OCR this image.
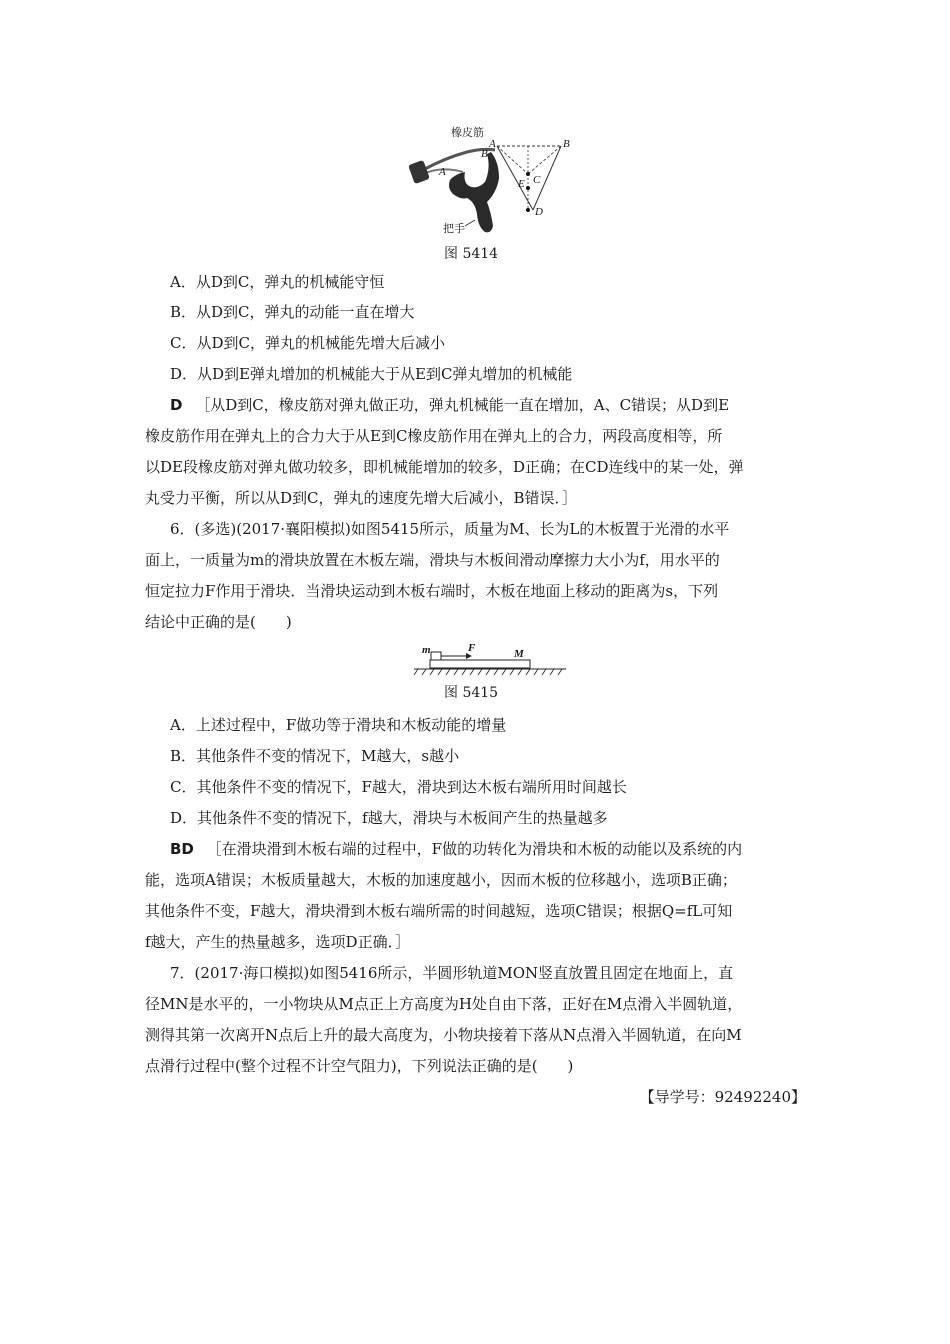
橡皮筋
把手
A
B
A	B
E C
D
图 5414
A．从D到C，弹丸的机械能守恒
B．从D到C，弹丸的动能一直在增大
C．从D到C，弹丸的机械能先增大后减小
D．从D到E弹丸增加的机械能大于从E到C弹丸增加的机械能
D ［从D到C，橡皮筋对弹丸做正功，弹丸机械能一直在增加，A、C错误；从D到E
橡皮筋作用在弹丸上的合力大于从E到C橡皮筋作用在弹丸上的合力，两段高度相等，所
以DE段橡皮筋对弹丸做功较多，即机械能增加的较多，D正确；在CD连线中的某一处，弹
丸受力平衡，所以从D到C，弹丸的速度先增大后减小，B错误．］
6．(多选)(2017·襄阳模拟)如图5415所示，质量为M、长为L的木板置于光滑的水平
面上，一质量为m的滑块放置在木板左端，滑块与木板间滑动摩擦力大小为f，用水平的
恒定拉力F作用于滑块．当滑块运动到木板右端时，木板在地面上移动的距离为s，下列
结论中正确的是(　　)
m	F	M
图 5415
A．上述过程中，F做功等于滑块和木板动能的增量
B．其他条件不变的情况下，M越大，s越小
C．其他条件不变的情况下，F越大，滑块到达木板右端所用时间越长
D．其他条件不变的情况下，f越大，滑块与木板间产生的热量越多
BD ［在滑块滑到木板右端的过程中，F做的功转化为滑块和木板的动能以及系统的内
能，选项A错误；木板质量越大，木板的加速度越小，因而木板的位移越小，选项B正确；
其他条件不变，F越大，滑块滑到木板右端所需的时间越短，选项C错误；根据Q=fL可知
f越大，产生的热量越多，选项D正确．］
7．(2017·海口模拟)如图5416所示，半圆形轨道MON竖直放置且固定在地面上，直
径MN是水平的，一小物块从M点正上方高度为H处自由下落，正好在M点滑入半圆轨道，
测得其第一次离开N点后上升的最大高度为，小物块接着下落从N点滑入半圆轨道，在向M
点滑行过程中(整个过程不计空气阻力)，下列说法正确的是(　　)
【导学号：92492240】
